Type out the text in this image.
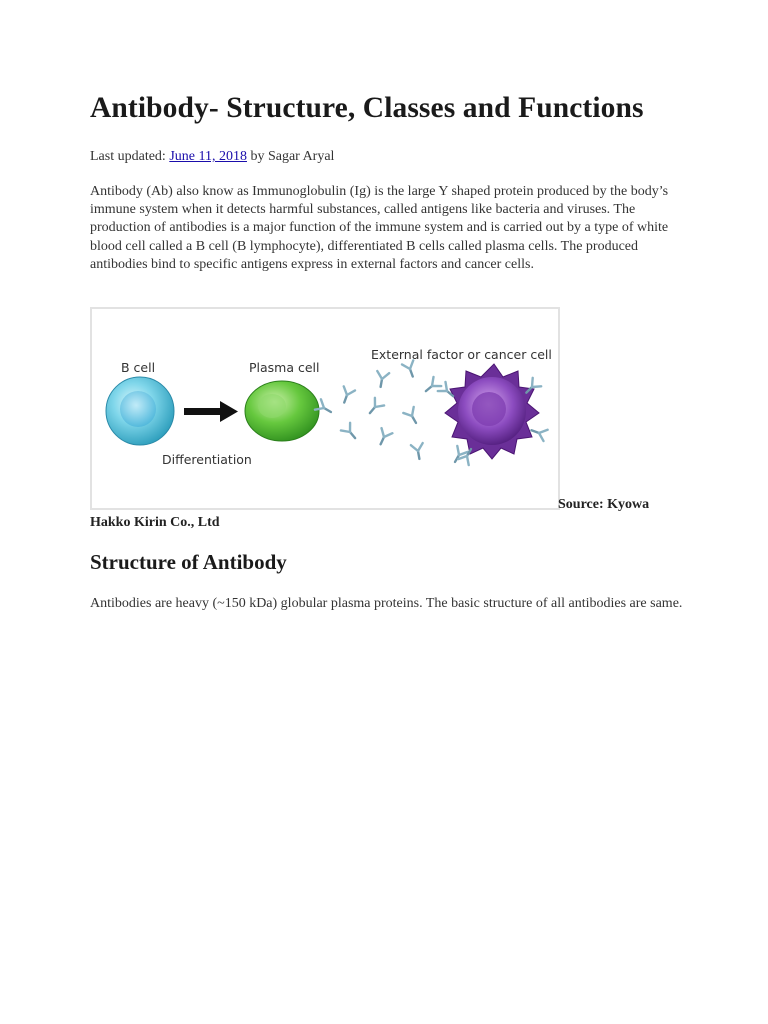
Antibody- Structure, Classes and Functions
Last updated: June 11, 2018 by Sagar Aryal

Antibody (Ab) also know as Immunoglobulin (Ig) is the large Y shaped protein produced by the body’s immune system when it detects harmful substances, called antigens like bacteria and viruses. The production of antibodies is a major function of the immune system and is carried out by a type of white blood cell called a B cell (B lymphocyte), differentiated B cells called plasma cells. The produced antibodies bind to specific antigens express in external factors and cancer cells.

B cell	Plasma cell
External factor or cancer cell
Differentiation
Source: Kyowa
Hakko Kirin Co., Ltd
Structure of Antibody

Antibodies are heavy (~150 kDa) globular plasma proteins. The basic structure of all antibodies are same.
